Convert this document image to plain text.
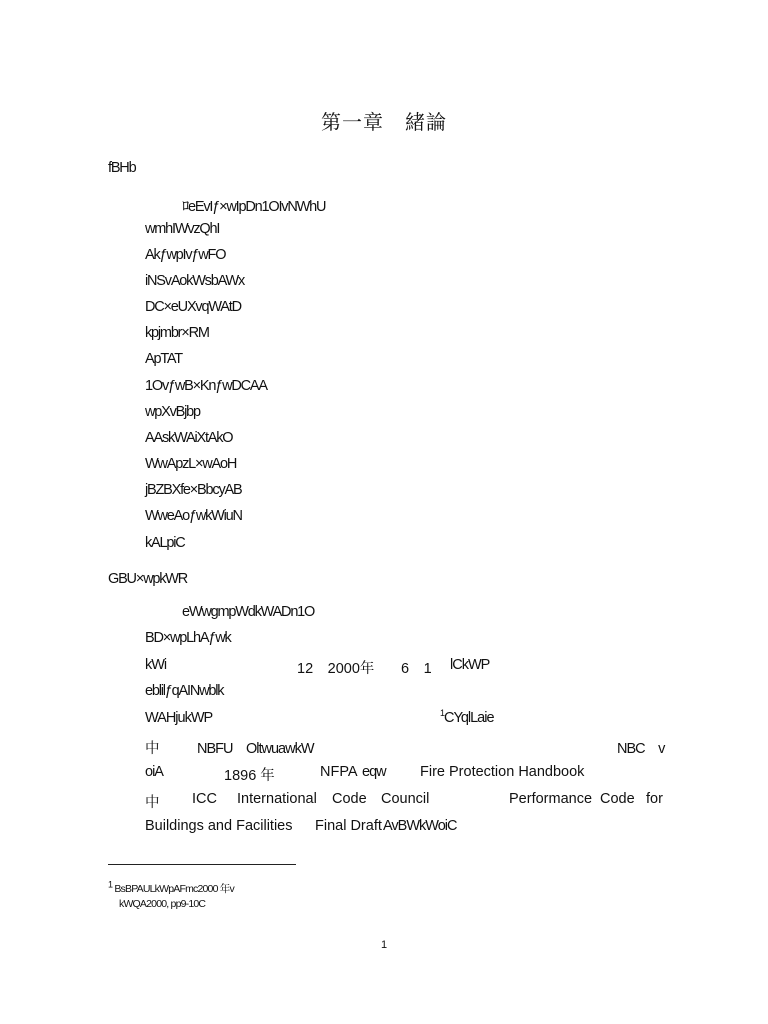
第一章　緒論
fBHb
ﾛeEvIƒ×wIpDn1OIvNWhU
wmhIWvzQhI
AkƒwpIvƒwFO
iNSvAokWsbAWx
DC×eUXvqWAtD
kpjmbr×RM
ApTAT
1OvƒwB×KnƒwDCAA
wpXvBjbp
AAskWAiXtAkO
WwApzL×wAoH
jBZBXfe×BbcyAB
WweAoƒwkWiuN
kALpiC
GBU×wpkWR
eWwgmpWdkWADn1O
BD×wpLhAƒwk
kWi	12　2000年 6　1 lCkWP
eblilƒqAINwblk
WAHjukWP	$^1$CYqlLaie
中	NBFU　OltwuawkW	NBC　v
oiA	1896 年	NFPA eqw Fire Protection Handbook
中 ICC International Code Council	Performance Code for
Buildings and Facilities Final Draft AvBWkWoiC
$^1$ BsBPAULkWpAFmc2000 年v
kWQA2000, pp9-10C
1
